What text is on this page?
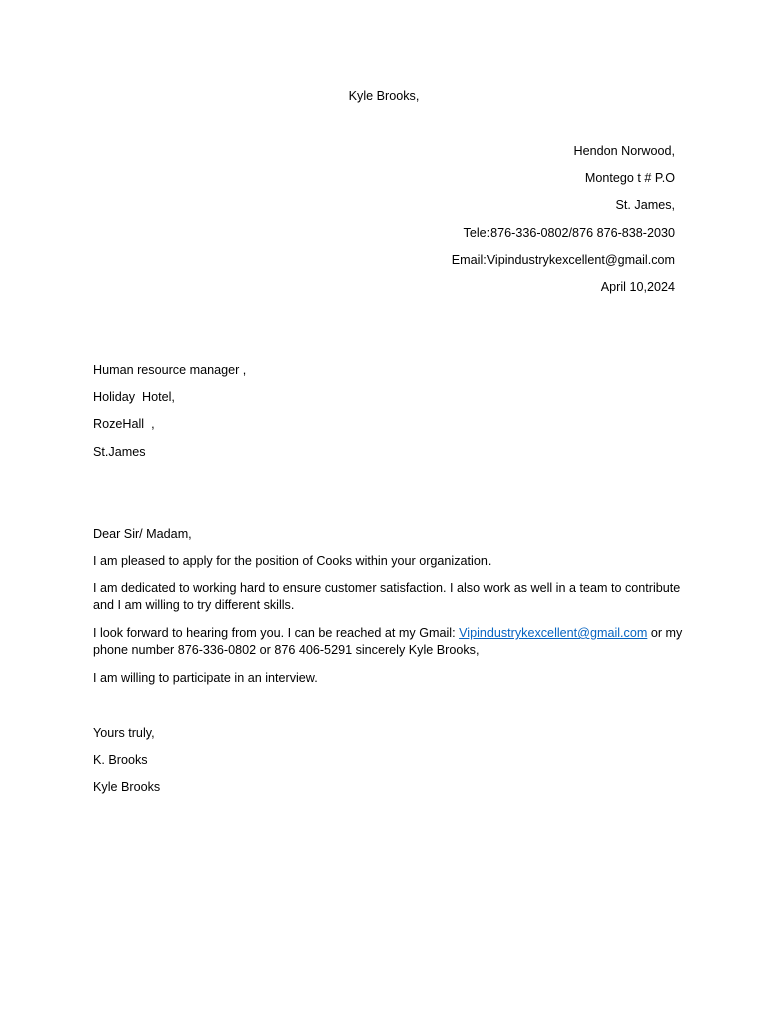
Kyle Brooks,
Hendon Norwood,
Montego t # P.O
St. James,
Tele:876-336-0802/876 876-838-2030
Email:Vipindustrykexcellent@gmail.com
April 10,2024
Human resource manager ,
Holiday  Hotel,
RozeHall  ,
St.James
Dear Sir/ Madam,
I am pleased to apply for the position of Cooks within your organization.
I am dedicated to working hard to ensure customer satisfaction. I also work as well in a team to contribute and I am willing to try different skills.
I look forward to hearing from you. I can be reached at my Gmail: Vipindustrykexcellent@gmail.com or my phone number 876-336-0802 or 876 406-5291 sincerely Kyle Brooks,
I am willing to participate in an interview.
Yours truly,
K. Brooks
Kyle Brooks
